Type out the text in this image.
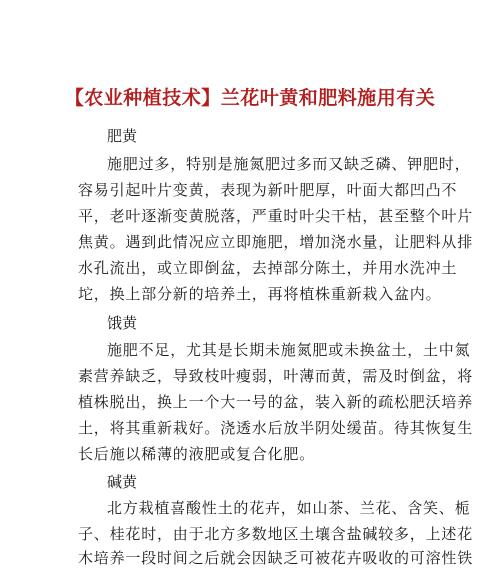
【农业种植技术】兰花叶黄和肥料施用有关
肥黄
施肥过多，特别是施氮肥过多而又缺乏磷、钾肥时，
容易引起叶片变黄，表现为新叶肥厚，叶面大都凹凸不
平，老叶逐渐变黄脱落，严重时叶尖干枯，甚至整个叶片
焦黄。遇到此情况应立即施肥，增加浇水量，让肥料从排
水孔流出，或立即倒盆，去掉部分陈土，并用水洗冲土
坨，换上部分新的培养土，再将植株重新栽入盆内。
饿黄
施肥不足，尤其是长期未施氮肥或未换盆土，土中氮
素营养缺乏，导致枝叶瘦弱，叶薄而黄，需及时倒盆，将
植株脱出，换上一个大一号的盆，装入新的疏松肥沃培养
土，将其重新栽好。浇透水后放半阴处缓苗。待其恢复生
长后施以稀薄的液肥或复合化肥。
碱黄
北方栽植喜酸性土的花卉，如山茶、兰花、含笑、栀
子、桂花时，由于北方多数地区土壤含盐碱较多，上述花
木培养一段时间之后就会因缺乏可被花卉吸收的可溶性铁
